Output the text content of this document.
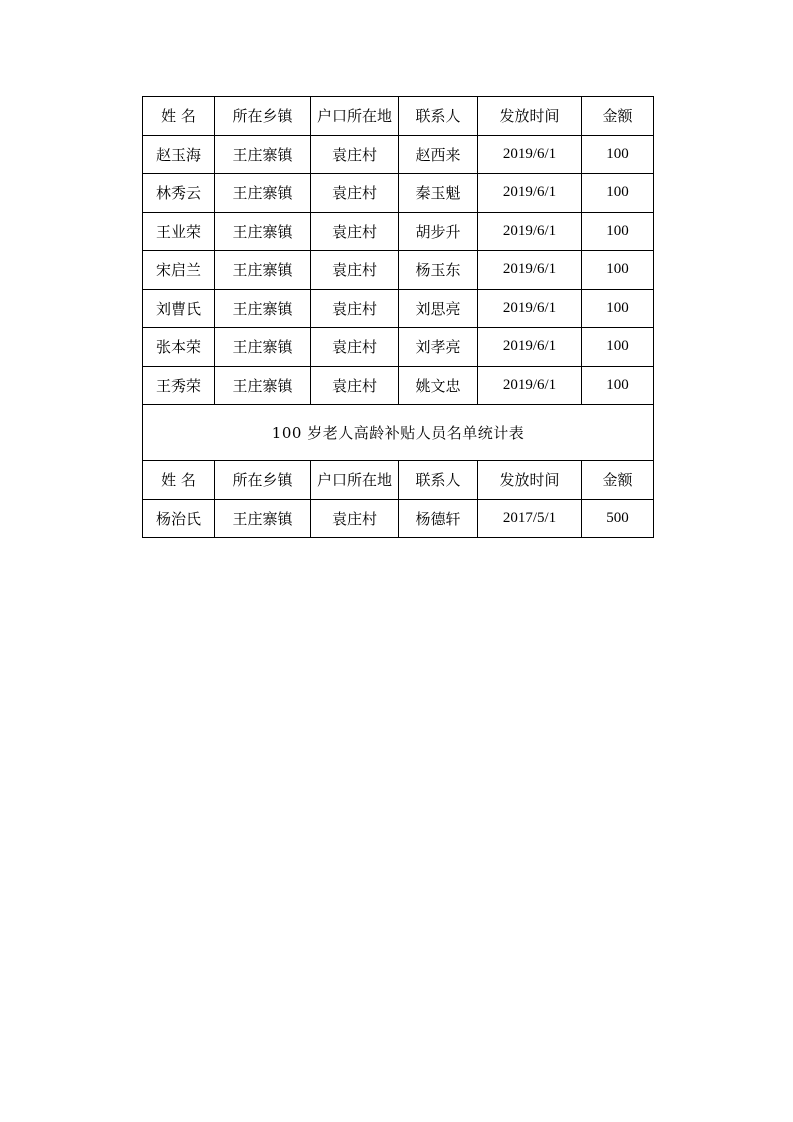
姓 名	所在乡镇	户口所在地	联系人	发放时间	金额
赵玉海	王庄寨镇	袁庄村	赵西来	2019/6/1	100
林秀云	王庄寨镇	袁庄村	秦玉魁	2019/6/1	100
王业荣	王庄寨镇	袁庄村	胡步升	2019/6/1	100
宋启兰	王庄寨镇	袁庄村	杨玉东	2019/6/1	100
刘曹氏	王庄寨镇	袁庄村	刘思亮	2019/6/1	100
张本荣	王庄寨镇	袁庄村	刘孝亮	2019/6/1	100
王秀荣	王庄寨镇	袁庄村	姚文忠	2019/6/1	100
100 岁老人高龄补贴人员名单统计表					
姓 名	所在乡镇	户口所在地	联系人	发放时间	金额
杨治氏	王庄寨镇	袁庄村	杨德轩	2017/5/1	500
